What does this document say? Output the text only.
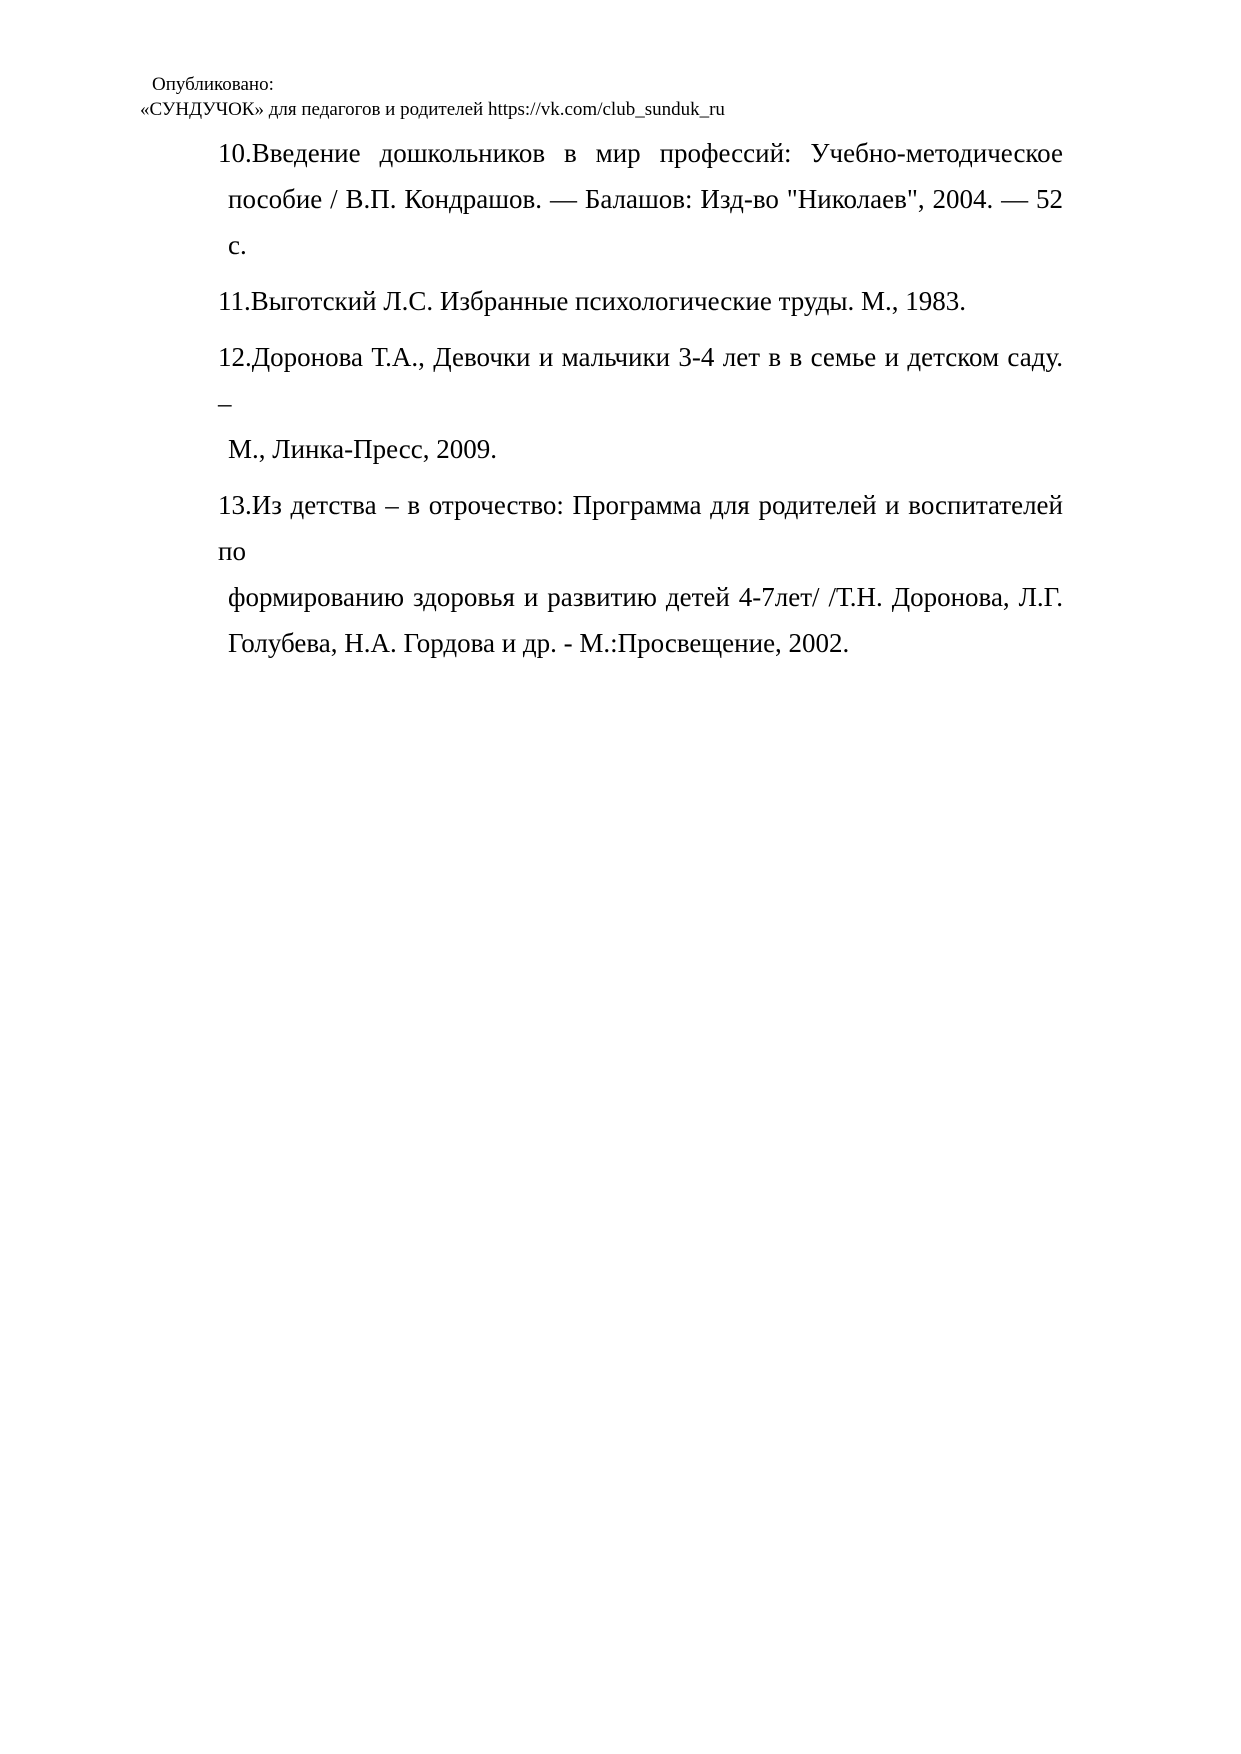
Опубликовано:
«СУНДУЧОК» для педагогов и родителей https://vk.com/club_sunduk_ru
10.Введение дошкольников в мир профессий: Учебно-методическое
пособие / В.П. Кондрашов. — Балашов: Изд-во "Николаев", 2004. — 52
с.
11.Выготский Л.С. Избранные психологические труды. М., 1983.
12.Доронова Т.А., Девочки и мальчики 3-4 лет в в семье и детском саду. –
М., Линка-Пресс, 2009.
13.Из детства – в отрочество: Программа для родителей и воспитателей по
формированию здоровья и развитию детей 4-7лет/ /Т.Н. Доронова, Л.Г.
Голубева, Н.А. Гордова и др. - М.:Просвещение, 2002.
